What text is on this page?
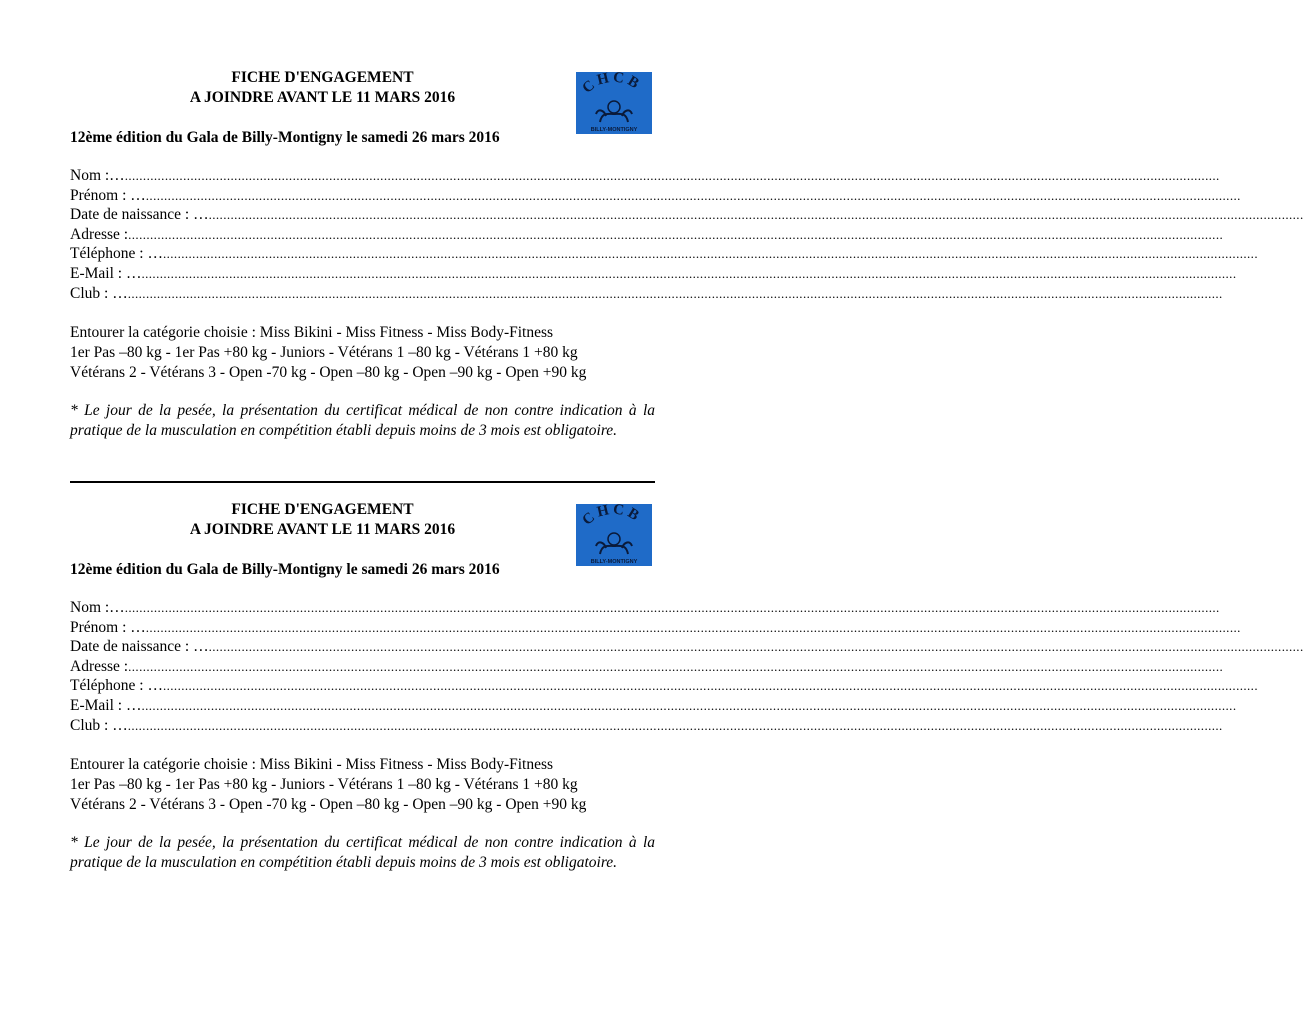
FICHE D'ENGAGEMENT
A JOINDRE AVANT LE 11 MARS 2016
CHCB
BILLY-MONTIGNY
12ème édition du Gala de Billy-Montigny le samedi 26 mars 2016
Nom :… ............................................................................................................................................................................................................................................................................................................
Prénom : … ............................................................................................................................................................................................................................................................................................................
Date de naissance : … ............................................................................................................................................................................................................................................................................................................
Adresse : ............................................................................................................................................................................................................................................................................................................
Téléphone : … ............................................................................................................................................................................................................................................................................................................
E-Mail : … ............................................................................................................................................................................................................................................................................................................
Club : … ............................................................................................................................................................................................................................................................................................................
Entourer la catégorie choisie : Miss Bikini - Miss Fitness - Miss Body-Fitness
1er Pas –80 kg - 1er Pas +80 kg - Juniors - Vétérans 1 –80 kg - Vétérans 1 +80 kg
Vétérans 2 - Vétérans 3 - Open -70 kg - Open –80 kg - Open –90 kg - Open +90 kg
* Le jour de la pesée, la présentation du certificat médical de non contre indication à la pratique de la musculation en compétition établi depuis moins de 3 mois est obligatoire.
FICHE D'ENGAGEMENT
A JOINDRE AVANT LE 11 MARS 2016
CHCB
BILLY-MONTIGNY
12ème édition du Gala de Billy-Montigny le samedi 26 mars 2016
Nom :… ............................................................................................................................................................................................................................................................................................................
Prénom : … ............................................................................................................................................................................................................................................................................................................
Date de naissance : … ............................................................................................................................................................................................................................................................................................................
Adresse : ............................................................................................................................................................................................................................................................................................................
Téléphone : … ............................................................................................................................................................................................................................................................................................................
E-Mail : … ............................................................................................................................................................................................................................................................................................................
Club : … ............................................................................................................................................................................................................................................................................................................
Entourer la catégorie choisie : Miss Bikini - Miss Fitness - Miss Body-Fitness
1er Pas –80 kg - 1er Pas +80 kg - Juniors - Vétérans 1 –80 kg - Vétérans 1 +80 kg
Vétérans 2 - Vétérans 3 - Open -70 kg - Open –80 kg - Open –90 kg - Open +90 kg
* Le jour de la pesée, la présentation du certificat médical de non contre indication à la pratique de la musculation en compétition établi depuis moins de 3 mois est obligatoire.
